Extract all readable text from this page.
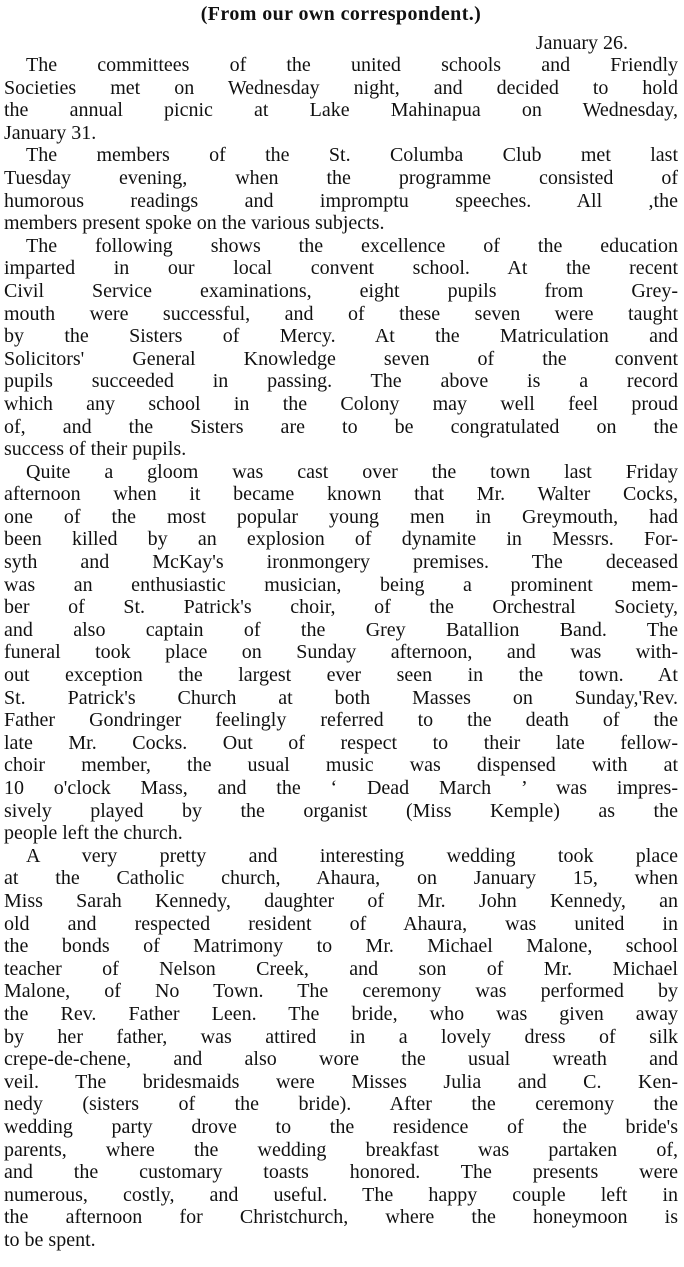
(From our own correspondent.)
January 26.
The committees of the united schools and Friendly
Societies met on Wednesday night, and decided to hold
the annual picnic at Lake Mahinapua on Wednesday,
January 31.
The members of the St. Columba Club met last
Tuesday evening, when the programme consisted of
humorous readings and impromptu speeches. All ,the
members present spoke on the various subjects.
The following shows the excellence of the education
imparted in our local convent school. At the recent
Civil Service examinations, eight pupils from Grey-
mouth were successful, and of these seven were taught
by the Sisters of Mercy. At the Matriculation and
Solicitors' General Knowledge seven of the convent
pupils succeeded in passing. The above is a record
which any school in the Colony may well feel proud
of, and the Sisters are to be congratulated on the
success of their pupils.
Quite a gloom was cast over the town last Friday
afternoon when it became known that Mr. Walter Cocks,
one of the most popular young men in Greymouth, had
been killed by an explosion of dynamite in Messrs. For-
syth and McKay's ironmongery premises. The deceased
was an enthusiastic musician, being a prominent mem-
ber of St. Patrick's choir, of the Orchestral Society,
and also captain of the Grey Batallion Band. The
funeral took place on Sunday afternoon, and was with-
out exception the largest ever seen in the town. At
St. Patrick's Church at both Masses on Sunday,'Rev.
Father Gondringer feelingly referred to the death of the
late Mr. Cocks. Out of respect to their late fellow-
choir member, the usual music was dispensed with at
10 o'clock Mass, and the ‘ Dead March ’ was impres-
sively played by the organist (Miss Kemple) as the
people left the church.
A very pretty and interesting wedding took place
at the Catholic church, Ahaura, on January 15, when
Miss Sarah Kennedy, daughter of Mr. John Kennedy, an
old and respected resident of Ahaura, was united in
the bonds of Matrimony to Mr. Michael Malone, school
teacher of Nelson Creek, and son of Mr. Michael
Malone, of No Town. The ceremony was performed by
the Rev. Father Leen. The bride, who was given away
by her father, was attired in a lovely dress of silk
crepe-de-chene, and also wore the usual wreath and
veil. The bridesmaids were Misses Julia and C. Ken-
nedy (sisters of the bride). After the ceremony the
wedding party drove to the residence of the bride's
parents, where the wedding breakfast was partaken of,
and the customary toasts honored. The presents were
numerous, costly, and useful. The happy couple left in
the afternoon for Christchurch, where the honeymoon is
to be spent.
